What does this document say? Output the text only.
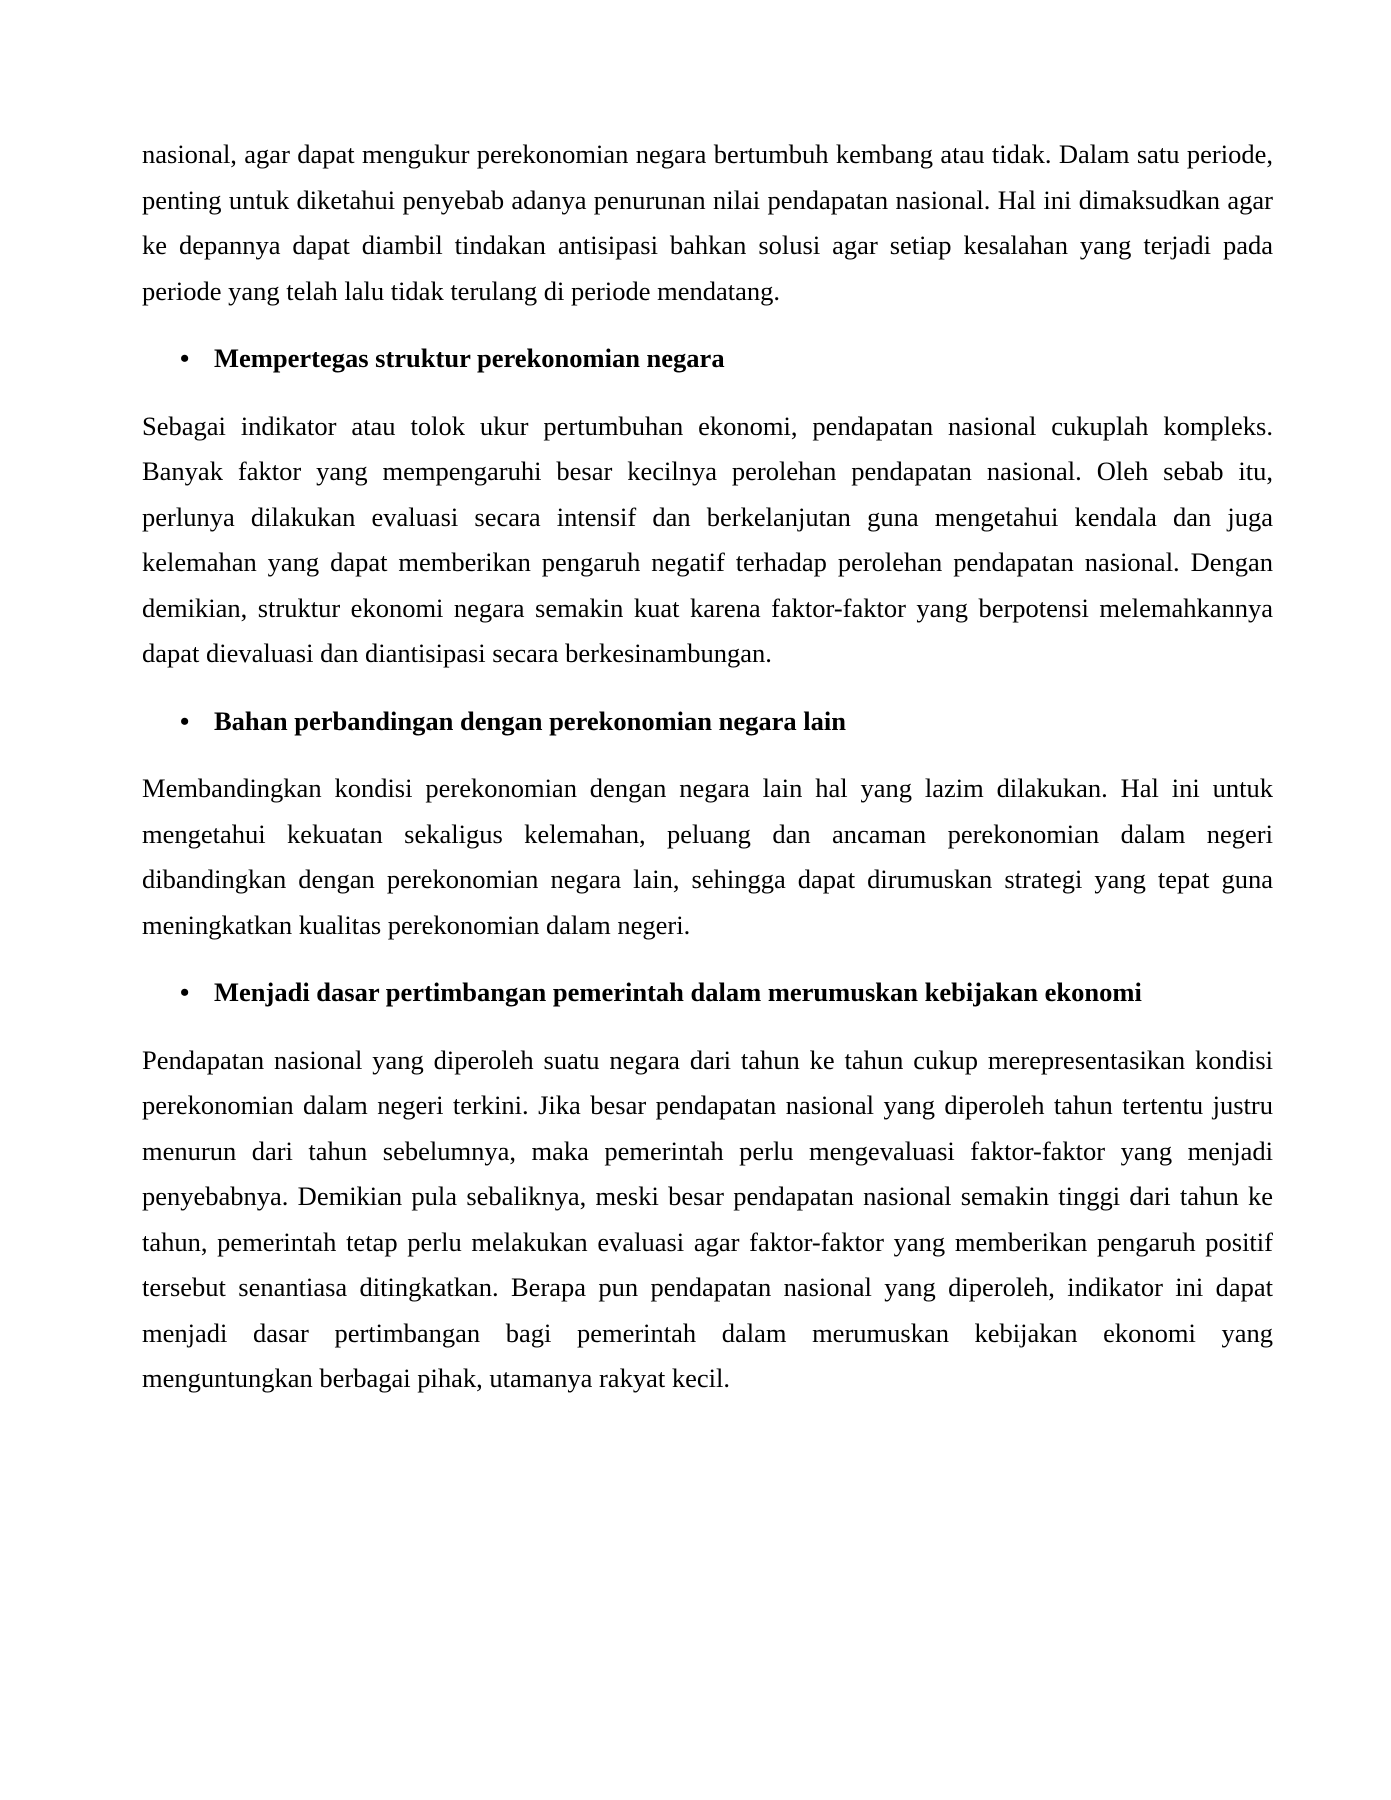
nasional, agar dapat mengukur perekonomian negara bertumbuh kembang atau tidak. Dalam satu periode, penting untuk diketahui penyebab adanya penurunan nilai pendapatan nasional. Hal ini dimaksudkan agar ke depannya dapat diambil tindakan antisipasi bahkan solusi agar setiap kesalahan yang terjadi pada periode yang telah lalu tidak terulang di periode mendatang.

• Mempertegas struktur perekonomian negara

Sebagai indikator atau tolok ukur pertumbuhan ekonomi, pendapatan nasional cukuplah kompleks. Banyak faktor yang mempengaruhi besar kecilnya perolehan pendapatan nasional. Oleh sebab itu, perlunya dilakukan evaluasi secara intensif dan berkelanjutan guna mengetahui kendala dan juga kelemahan yang dapat memberikan pengaruh negatif terhadap perolehan pendapatan nasional. Dengan demikian, struktur ekonomi negara semakin kuat karena faktor-faktor yang berpotensi melemahkannya dapat dievaluasi dan diantisipasi secara berkesinambungan.

• Bahan perbandingan dengan perekonomian negara lain

Membandingkan kondisi perekonomian dengan negara lain hal yang lazim dilakukan. Hal ini untuk mengetahui kekuatan sekaligus kelemahan, peluang dan ancaman perekonomian dalam negeri dibandingkan dengan perekonomian negara lain, sehingga dapat dirumuskan strategi yang tepat guna meningkatkan kualitas perekonomian dalam negeri.

• Menjadi dasar pertimbangan pemerintah dalam merumuskan kebijakan ekonomi

Pendapatan nasional yang diperoleh suatu negara dari tahun ke tahun cukup merepresentasikan kondisi perekonomian dalam negeri terkini. Jika besar pendapatan nasional yang diperoleh tahun tertentu justru menurun dari tahun sebelumnya, maka pemerintah perlu mengevaluasi faktor-faktor yang menjadi penyebabnya. Demikian pula sebaliknya, meski besar pendapatan nasional semakin tinggi dari tahun ke tahun, pemerintah tetap perlu melakukan evaluasi agar faktor-faktor yang memberikan pengaruh positif tersebut senantiasa ditingkatkan. Berapa pun pendapatan nasional yang diperoleh, indikator ini dapat menjadi dasar pertimbangan bagi pemerintah dalam merumuskan kebijakan ekonomi yang menguntungkan berbagai pihak, utamanya rakyat kecil.
